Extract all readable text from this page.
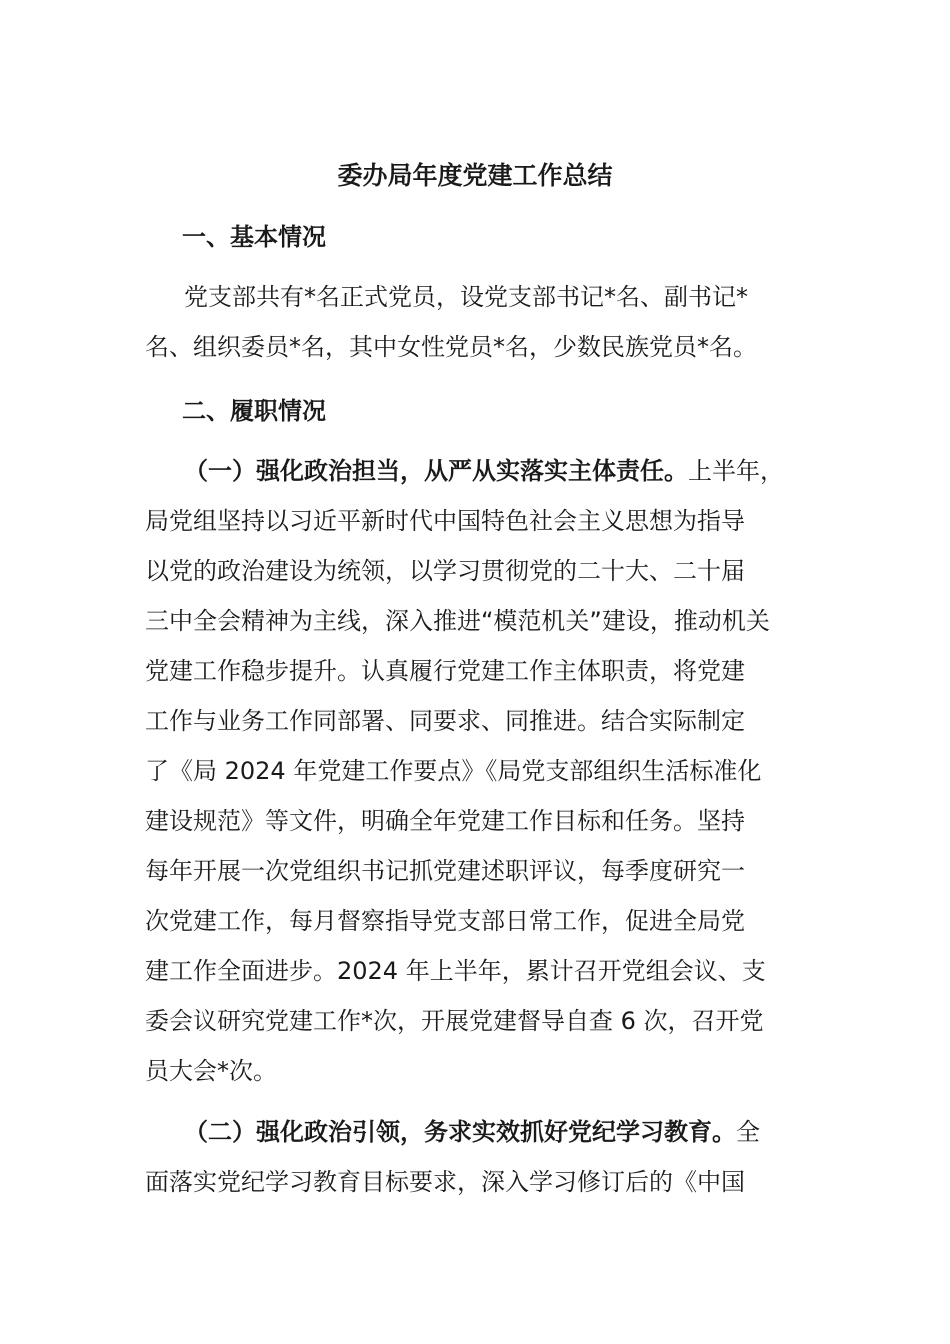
委办局年度党建工作总结
一、基本情况
党支部共有*名正式党员，设党支部书记*名、副书记*
名、组织委员*名，其中女性党员*名，少数民族党员*名。
二、履职情况
（一）强化政治担当，从严从实落实主体责任。上半年，
局党组坚持以习近平新时代中国特色社会主义思想为指导
以党的政治建设为统领，以学习贯彻党的二十大、二十届
三中全会精神为主线，深入推进“模范机关”建设，推动机关
党建工作稳步提升。认真履行党建工作主体职责，将党建
工作与业务工作同部署、同要求、同推进。结合实际制定
了《局 2024 年党建工作要点》《局党支部组织生活标准化
建设规范》等文件，明确全年党建工作目标和任务。坚持
每年开展一次党组织书记抓党建述职评议，每季度研究一
次党建工作，每月督察指导党支部日常工作，促进全局党
建工作全面进步。2024 年上半年，累计召开党组会议、支
委会议研究党建工作*次，开展党建督导自查 6 次，召开党
员大会*次。
（二）强化政治引领，务求实效抓好党纪学习教育。全
面落实党纪学习教育目标要求，深入学习修订后的《中国
